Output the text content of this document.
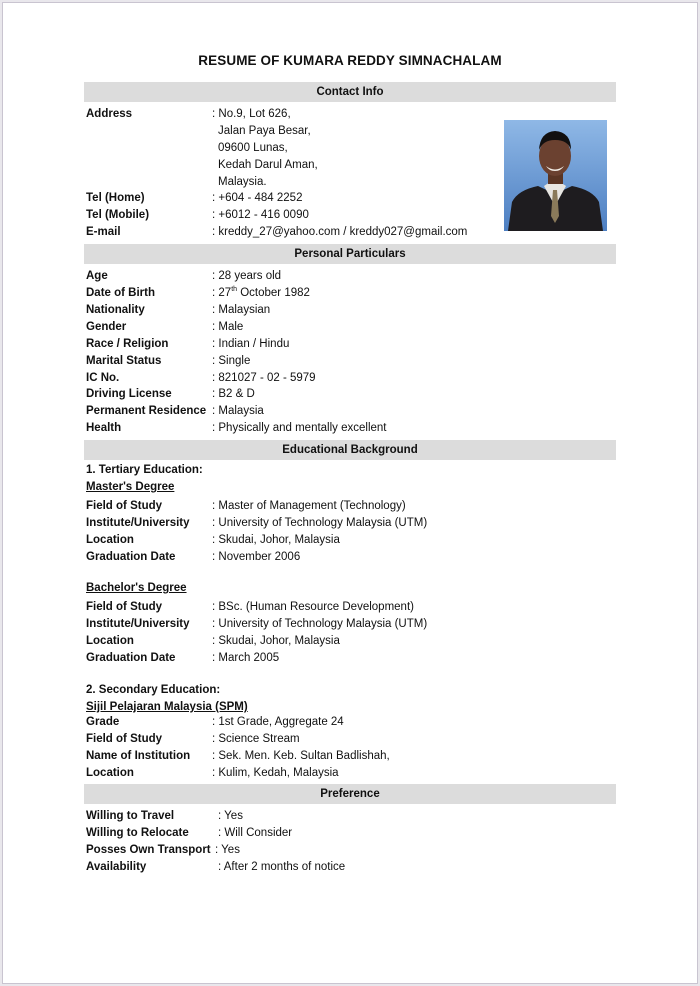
RESUME OF KUMARA REDDY SIMNACHALAM
Contact Info
Address	: No.9, Lot 626,
Jalan Paya Besar,
09600 Lunas,
Kedah Darul Aman,
Malaysia.
Tel (Home)	: +604 - 484 2252
Tel (Mobile)	: +6012 - 416 0090
E-mail	: kreddy_27@yahoo.com / kreddy027@gmail.com
Personal Particulars
Age	: 28 years old
Date of Birth	: 27th October 1982
Nationality	: Malaysian
Gender	: Male
Race / Religion	: Indian / Hindu
Marital Status	: Single
IC No.	: 821027 - 02 - 5979
Driving License	: B2 & D
Permanent Residence : Malaysia
Health	: Physically and mentally excellent
Educational Background
1. Tertiary Education:
Master's Degree
Field of Study	: Master of Management (Technology)
Institute/University : University of Technology Malaysia (UTM)
Location	: Skudai, Johor, Malaysia
Graduation Date	: November 2006
Bachelor's Degree
Field of Study	: BSc. (Human Resource Development)
Institute/University : University of Technology Malaysia (UTM)
Location	: Skudai, Johor, Malaysia
Graduation Date	: March 2005
2. Secondary Education:
Sijil Pelajaran Malaysia (SPM)
Grade	: 1st Grade, Aggregate 24
Field of Study	: Science Stream
Name of Institution : Sek. Men. Keb. Sultan Badlishah,
Location	: Kulim, Kedah, Malaysia
Preference
Willing to Travel	: Yes
Willing to Relocate	: Will Consider
Posses Own Transport : Yes
Availability	: After 2 months of notice
